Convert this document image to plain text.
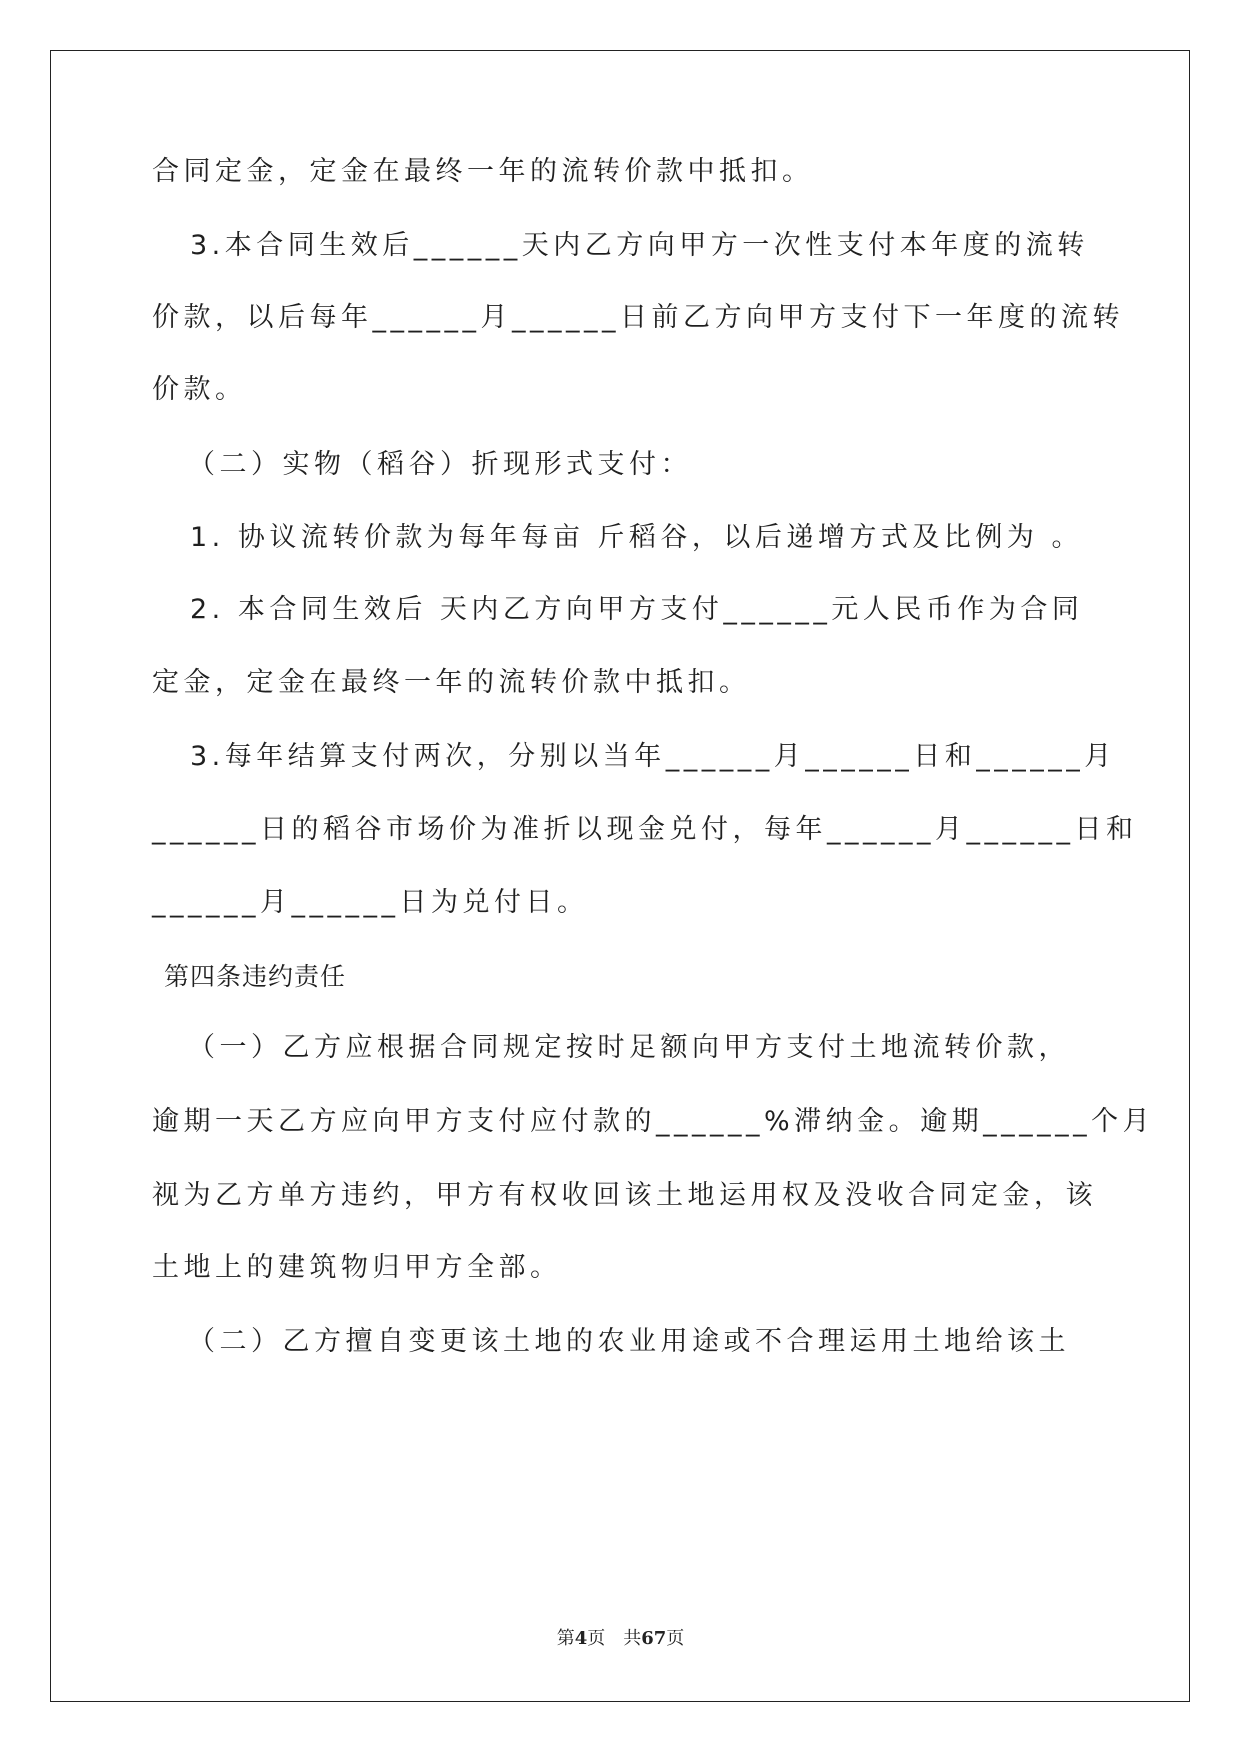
合同定金，定金在最终一年的流转价款中抵扣。
3.本合同生效后______天内乙方向甲方一次性支付本年度的流转
价款，以后每年______月______日前乙方向甲方支付下一年度的流转
价款。
（二）实物（稻谷）折现形式支付：
1. 协议流转价款为每年每亩 斤稻谷，以后递增方式及比例为 。
2. 本合同生效后 天内乙方向甲方支付______元人民币作为合同
定金，定金在最终一年的流转价款中抵扣。
3.每年结算支付两次，分别以当年______月______日和______月
______日的稻谷市场价为准折以现金兑付，每年______月______日和
______月______日为兑付日。
第四条违约责任
（一）乙方应根据合同规定按时足额向甲方支付土地流转价款，
逾期一天乙方应向甲方支付应付款的______%滞纳金。逾期______个月
视为乙方单方违约，甲方有权收回该土地运用权及没收合同定金，该
土地上的建筑物归甲方全部。
（二）乙方擅自变更该土地的农业用途或不合理运用土地给该土
第4页 共67页
